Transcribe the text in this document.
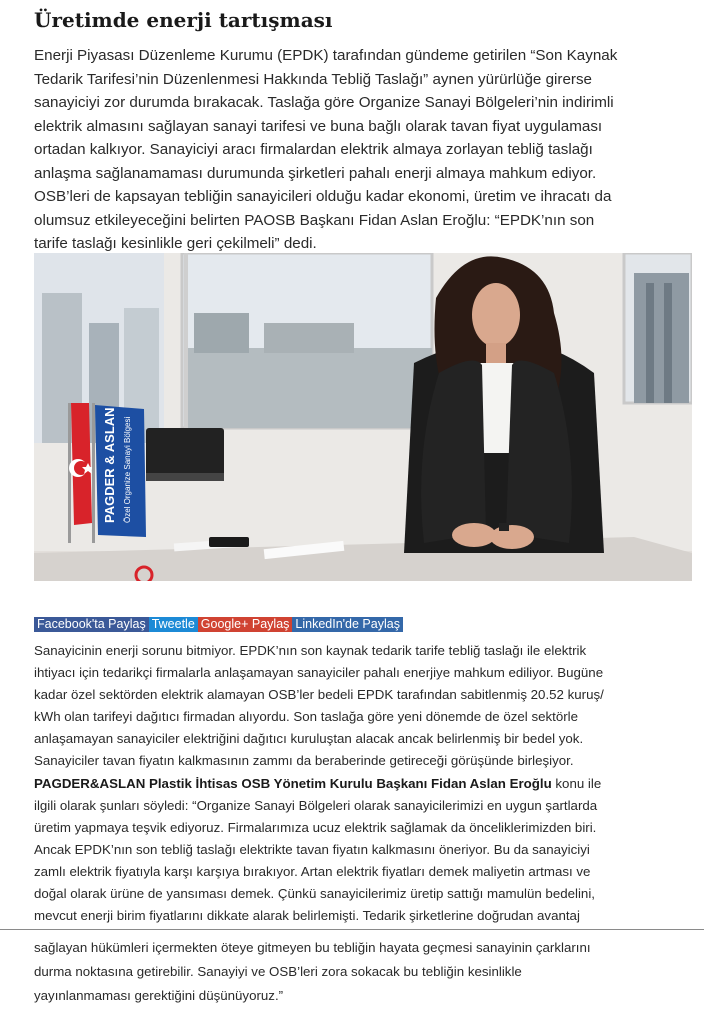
Üretimde enerji tartışması
Enerji Piyasası Düzenleme Kurumu (EPDK) tarafından gündeme getirilen “Son Kaynak
Tedarik Tarifesi’nin Düzenlenmesi Hakkında Tebliğ Taslağı” aynen yürürlüğe girerse
sanayiciyi zor durumda bırakacak. Taslağa göre Organize Sanayi Bölgeleri’nin indirimli
elektrik almasını sağlayan sanayi tarifesi ve buna bağlı olarak tavan fiyat uygulaması
ortadan kalkıyor. Sanayiciyi aracı firmalardan elektrik almaya zorlayan tebliğ taslağı
anlaşma sağlanamaması durumunda şirketleri pahalı enerji almaya mahkum ediyor.
OSB’leri de kapsayan tebliğin sanayicileri olduğu kadar ekonomi, üretim ve ihracatı da
olumsuz etkileyeceğini belirten PAOSB Başkanı Fidan Aslan Eroğlu: “EPDK’nın son
tarife taslağı kesinlikle geri çekilmeli” dedi.
PAGDER & ASLAN Özel Organize Sanayi Bölgesi
Facebook'ta Paylaş Tweetle Google+ Paylaş LinkedIn'de Paylaş
Sanayicinin enerji sorunu bitmiyor. EPDK’nın son kaynak tedarik tarife tebliğ taslağı ile elektrik
ihtiyacı için tedarikçi firmalarla anlaşamayan sanayiciler pahalı enerjiye mahkum ediliyor. Bugüne
kadar özel sektörden elektrik alamayan OSB’ler bedeli EPDK tarafından sabitlenmiş 20.52 kuruş/
kWh olan tarifeyi dağıtıcı firmadan alıyordu. Son taslağa göre yeni dönemde de özel sektörle
anlaşamayan sanayiciler elektriğini dağıtıcı kuruluştan alacak ancak belirlenmiş bir bedel yok.
Sanayiciler tavan fiyatın kalkmasının zammı da beraberinde getireceği görüşünde birleşiyor.
PAGDER&ASLAN Plastik İhtisas OSB Yönetim Kurulu Başkanı Fidan Aslan Eroğlu konu ile
ilgili olarak şunları söyledi: “Organize Sanayi Bölgeleri olarak sanayicilerimizi en uygun şartlarda
üretim yapmaya teşvik ediyoruz. Firmalarımıza ucuz elektrik sağlamak da önceliklerimizden biri.
Ancak EPDK’nın son tebliğ taslağı elektrikte tavan fiyatın kalkmasını öneriyor. Bu da sanayiciyi
zamlı elektrik fiyatıyla karşı karşıya bırakıyor. Artan elektrik fiyatları demek maliyetin artması ve
doğal olarak ürüne de yansıması demek. Çünkü sanayicilerimiz üretip sattığı mamulün bedelini,
mevcut enerji birim fiyatlarını dikkate alarak belirlemişti. Tedarik şirketlerine doğrudan avantaj
sağlayan hükümleri içermekten öteye gitmeyen bu tebliğin hayata geçmesi sanayinin çarklarını
durma noktasına getirebilir. Sanayiyi ve OSB’leri zora sokacak bu tebliğin kesinlikle
yayınlanmaması gerektiğini düşünüyoruz.”
